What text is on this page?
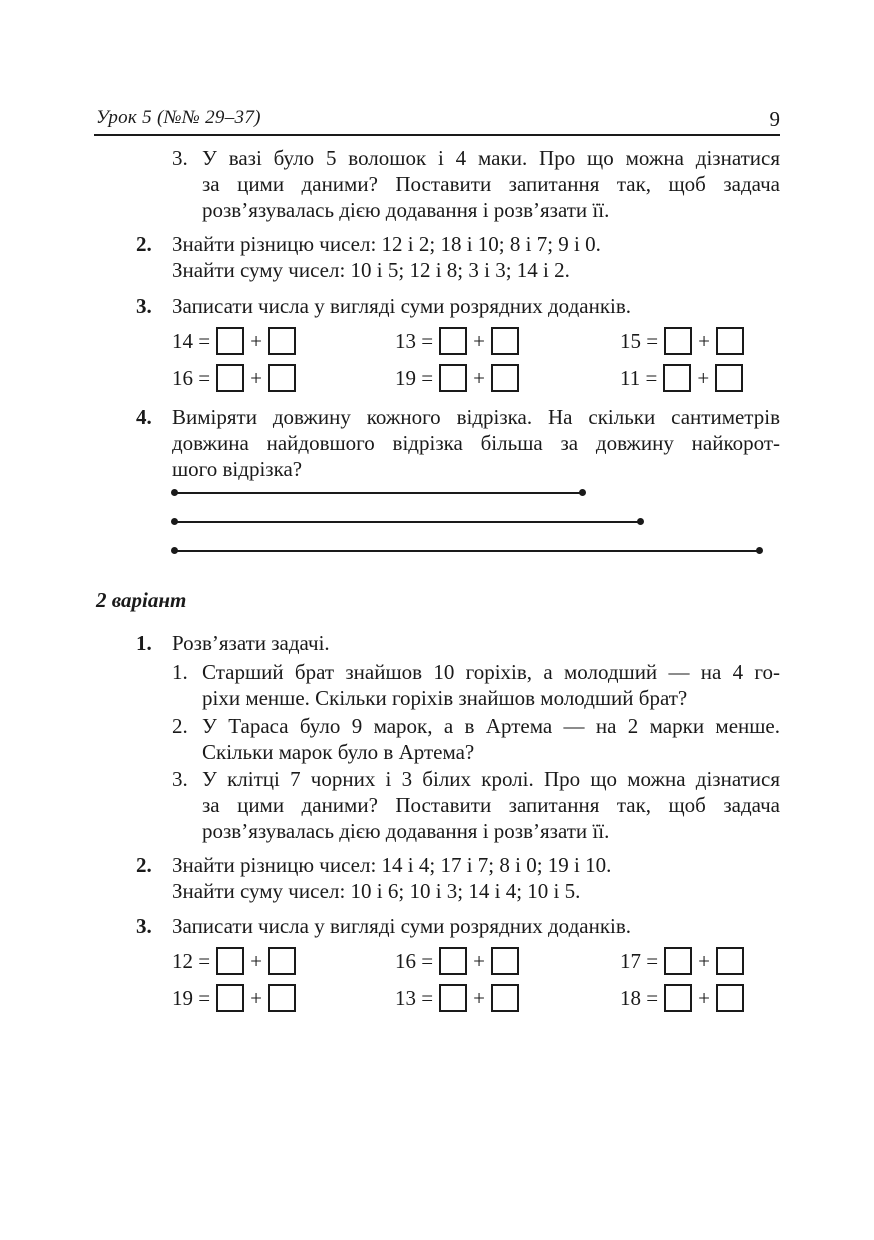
Урок 5 (№№ 29–37)	9
3. У вазі було 5 волошок і 4 маки. Про що можна дізнатися
за цими даними? Поставити запитання так, щоб задача
розв’язувалась дією додавання і розв’язати її.
2. Знайти різницю чисел: 12 і 2; 18 і 10; 8 і 7; 9 і 0.
Знайти суму чисел: 10 і 5; 12 і 8; 3 і 3; 14 і 2.
3. Записати числа у вигляді суми розрядних доданків.
14 = +	13 = +	15 = +
16 = +	19 = +	11 = +
4. Виміряти довжину кожного відрізка. На скільки сантиметрів
довжина найдовшого відрізка більша за довжину найкорот-
шого відрізка?
2 варіант
1. Розв’язати задачі.
1. Старший брат знайшов 10 горіхів, а молодший — на 4 го-
ріхи менше. Скільки горіхів знайшов молодший брат?
2. У Тараса було 9 марок, а в Артема — на 2 марки менше.
Скільки марок було в Артема?
3. У клітці 7 чорних і 3 білих кролі. Про що можна дізнатися
за цими даними? Поставити запитання так, щоб задача
розв’язувалась дією додавання і розв’язати її.
2. Знайти різницю чисел: 14 і 4; 17 і 7; 8 і 0; 19 і 10.
Знайти суму чисел: 10 і 6; 10 і 3; 14 і 4; 10 і 5.
3. Записати числа у вигляді суми розрядних доданків.
12 = +	16 = +	17 = +
19 = +	13 = +	18 = +
